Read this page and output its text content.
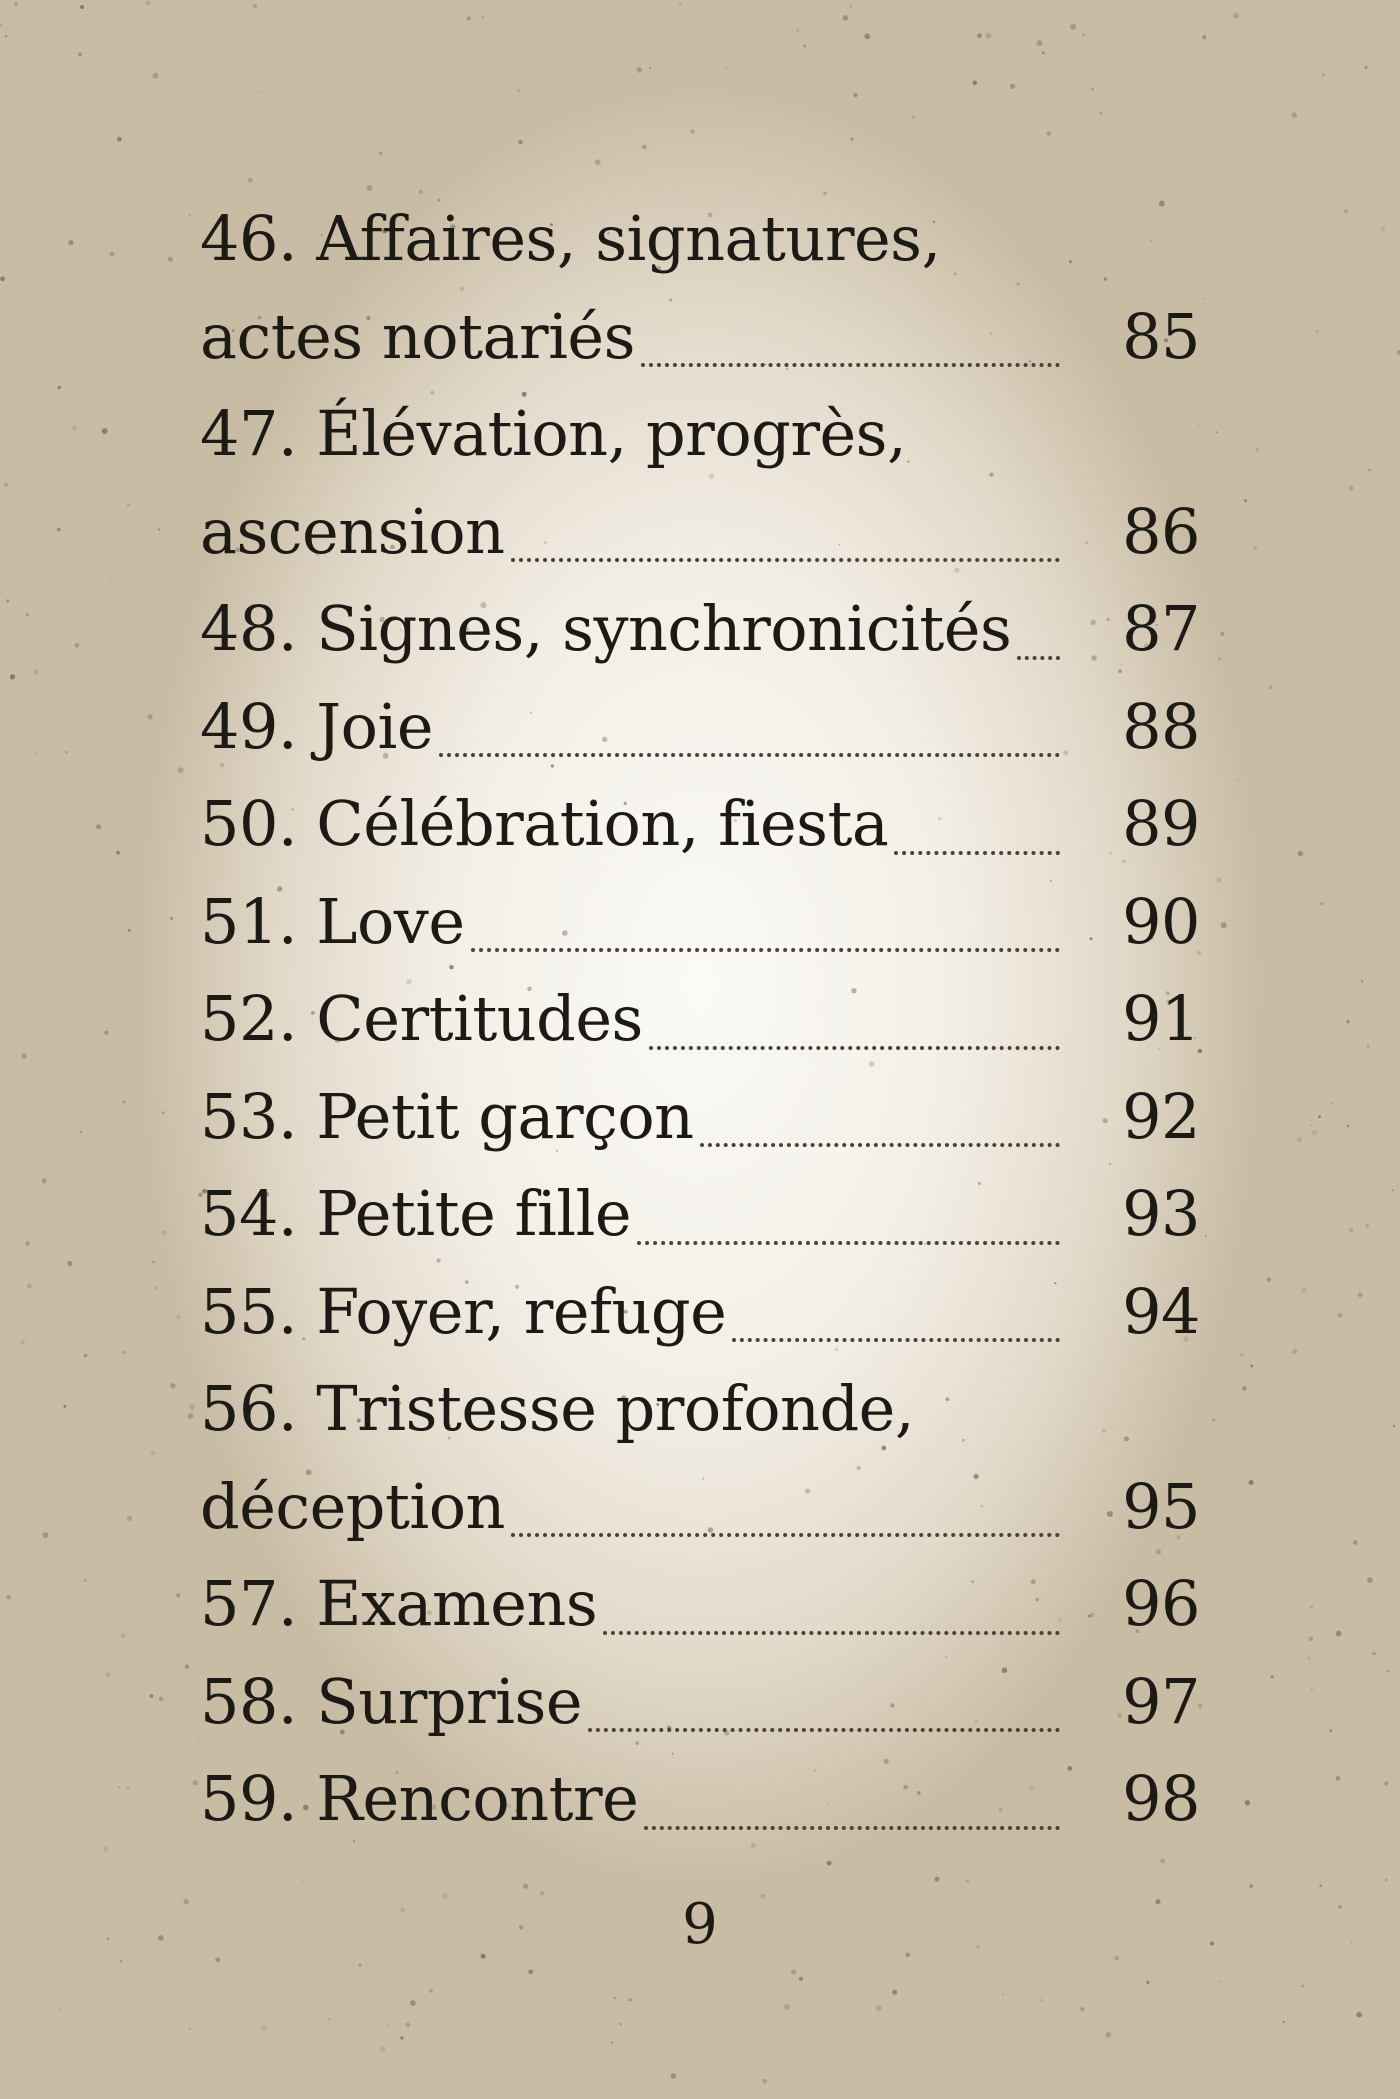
46. Affaires, signatures,
actes notariés	85
47. Élévation, progrès,
ascension	86
48. Signes, synchronicités	87
49. Joie	88
50. Célébration, fiesta	89
51. Love	90
52. Certitudes	91
53. Petit garçon	92
54. Petite fille	93
55. Foyer, refuge	94
56. Tristesse profonde,
déception	95
57. Examens	96
58. Surprise	97
59. Rencontre	98
9
